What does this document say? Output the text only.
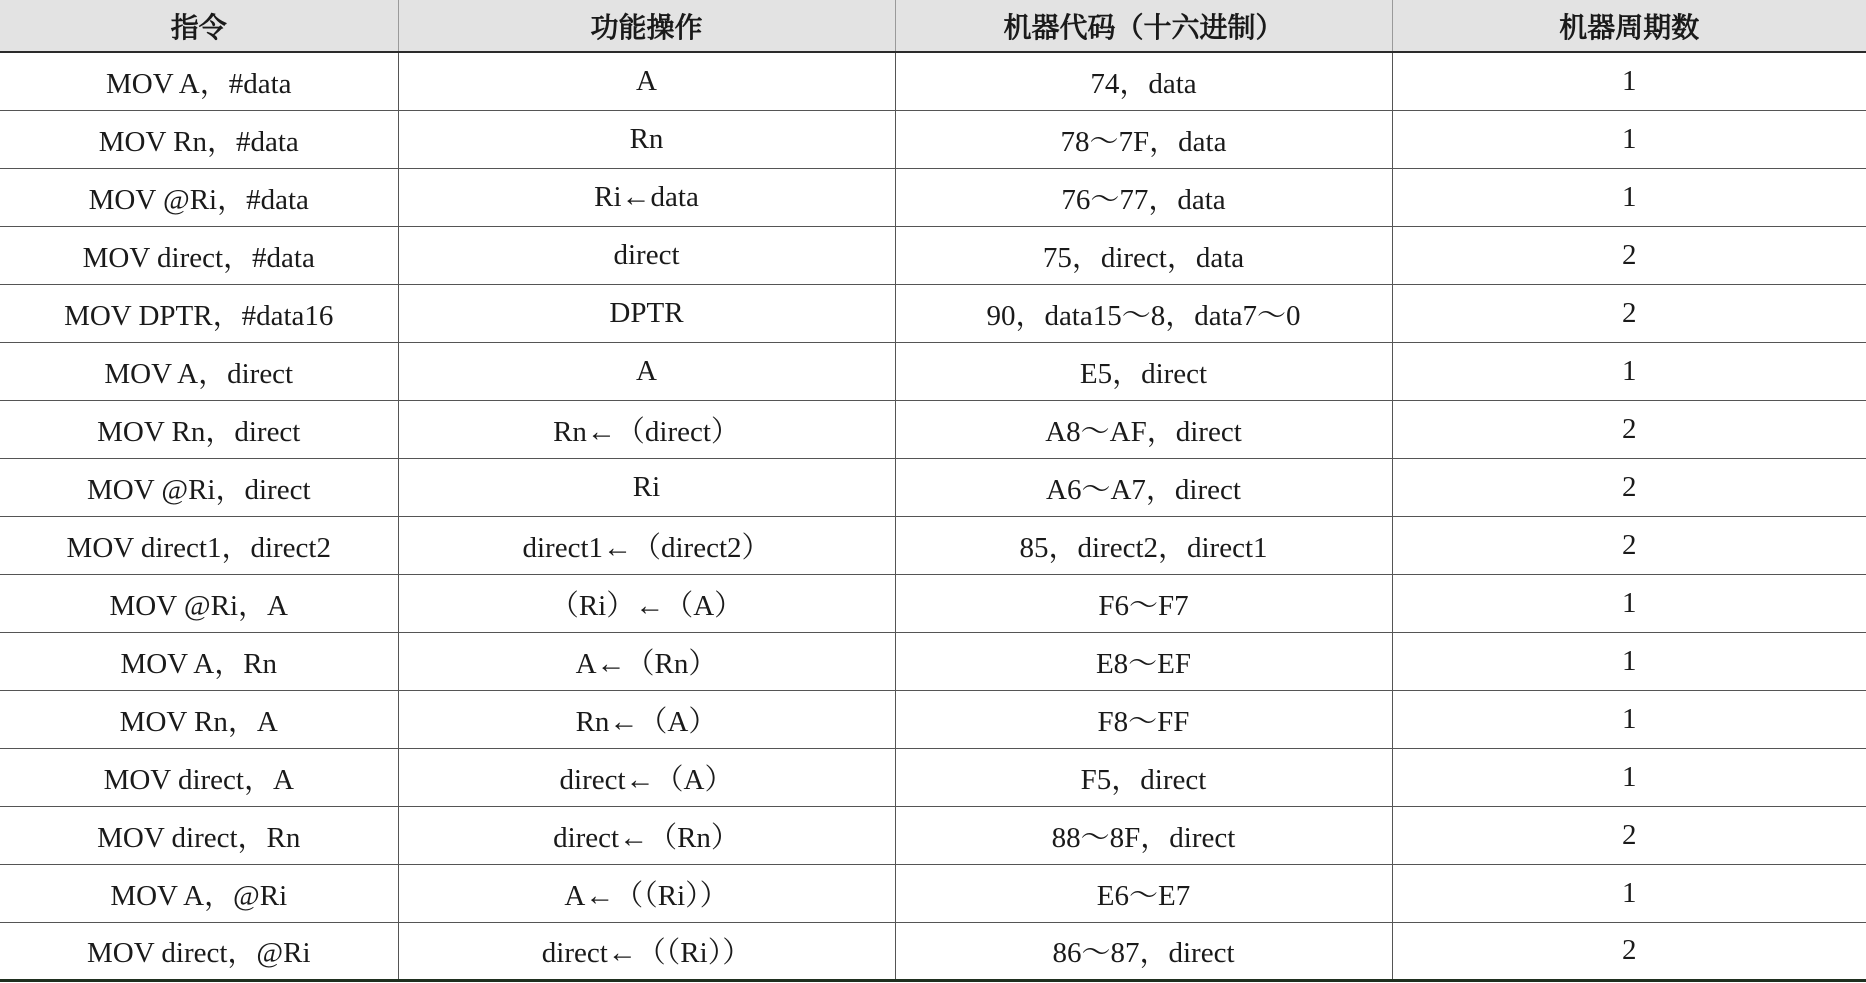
指令	功能操作	机器代码（十六进制）	机器周期数
MOV A，#data	A	74，data	1
MOV Rn，#data	Rn	78～7F，data	1
MOV @Ri，#data	Ri←data	76～77，data	1
MOV direct，#data	direct	75，direct，data	2
MOV DPTR，#data16	DPTR	90，data15～8，data7～0	2
MOV A，direct	A	E5，direct	1
MOV Rn，direct	Rn←（direct）	A8～AF，direct	2
MOV @Ri，direct	Ri	A6～A7，direct	2
MOV direct1，direct2	direct1←（direct2）	85，direct2，direct1	2
MOV @Ri，A	（Ri）←（A）	F6～F7	1
MOV A，Rn	A←（Rn）	E8～EF	1
MOV Rn，A	Rn←（A）	F8～FF	1
MOV direct，A	direct←（A）	F5，direct	1
MOV direct，Rn	direct←（Rn）	88～8F，direct	2
MOV A，@Ri	A←（（Ri））	E6～E7	1
MOV direct，@Ri	direct←（（Ri））	86～87，direct	2
